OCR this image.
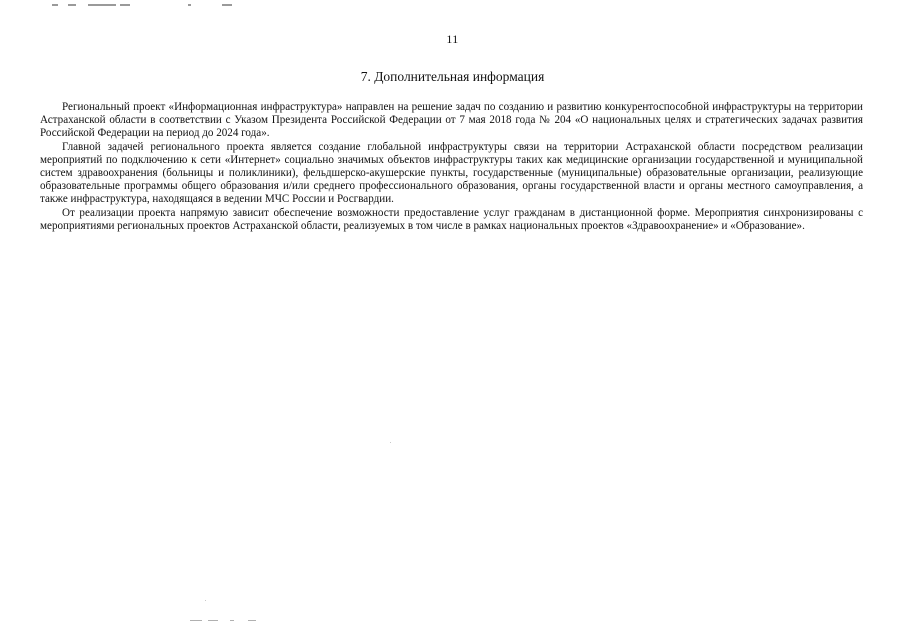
11
7. Дополнительная информация

Региональный проект «Информационная инфраструктура» направлен на решение задач по созданию и развитию конкурентоспособной инфраструктуры на территории Астраханской области в соответствии с Указом Президента Российской Федерации от 7 мая 2018 года № 204 «О национальных целях и стратегических задачах развития Российской Федерации на период до 2024 года».

Главной задачей регионального проекта является создание глобальной инфраструктуры связи на территории Астраханской области посредством реализации мероприятий по подключению к сети «Интернет» социально значимых объектов инфраструктуры таких как медицинские организации государственной и муниципальной систем здравоохранения (больницы и поликлиники), фельдшерско-акушерские пункты, государственные (муниципальные) образовательные организации, реализующие образовательные программы общего образования и/или среднего профессионального образования, органы государственной власти и органы местного самоуправления, а также инфраструктура, находящаяся в ведении МЧС России и Росгвардии.

От реализации проекта напрямую зависит обеспечение возможности предоставление услуг гражданам в дистанционной форме. Мероприятия синхронизированы с мероприятиями региональных проектов Астраханской области, реализуемых в том числе в рамках национальных проектов «Здравоохранение» и «Образование».
